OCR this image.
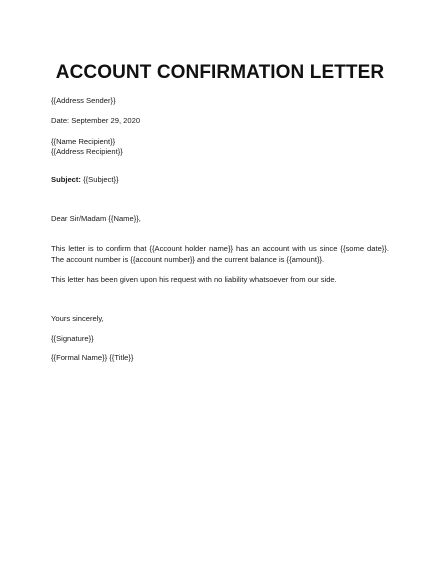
ACCOUNT CONFIRMATION LETTER
{{Address Sender}}
Date: September 29, 2020
{{Name Recipient}}
{{Address Recipient}}
Subject: {{Subject}}
Dear Sir/Madam {{Name}},
This letter is to confirm that {{Account holder name}} has an account with us since {{some date}}. The account number is {{account number}} and the current balance is {{amount}}.
This letter has been given upon his request with no liability whatsoever from our side.
Yours sincerely,
{{Signature}}
{{Formal Name}} {{Title}}
